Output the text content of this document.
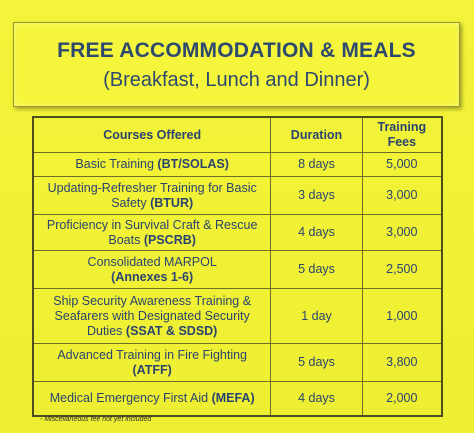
FREE ACCOMMODATION & MEALS
(Breakfast, Lunch and Dinner)
Courses Offered	Duration	Training Fees
Basic Training (BT/SOLAS)	8 days	5,000
Updating-Refresher Training for Basic Safety (BTUR)	3 days	3,000
Proficiency in Survival Craft & Rescue Boats (PSCRB)	4 days	3,000
Consolidated MARPOL
(Annexes 1-6)	5 days	2,500
Ship Security Awareness Training & Seafarers with Designated Security Duties (SSAT & SDSD)	1 day	1,000
Advanced Training in Fire Fighting
(ATFF)	5 days	3,800
Medical Emergency First Aid (MEFA)	4 days	2,000
- Miscellaneous fee not yet included
